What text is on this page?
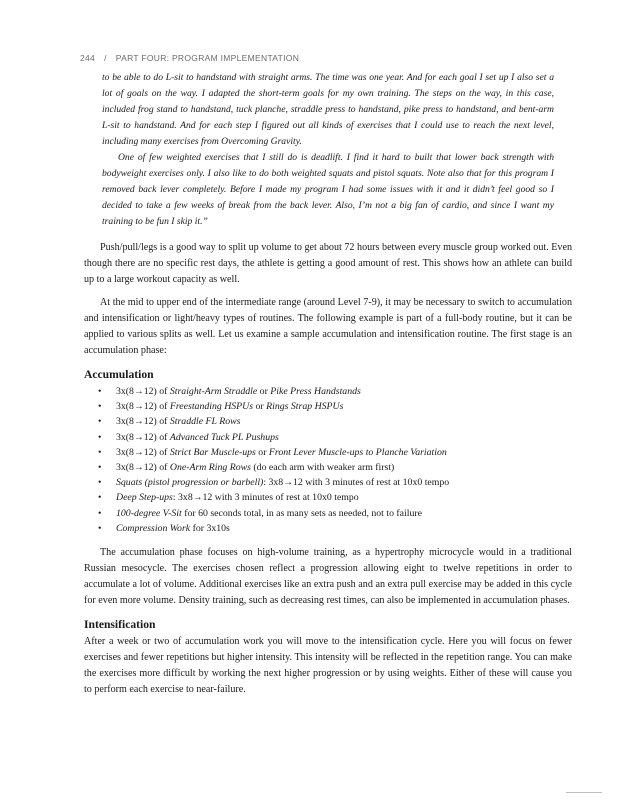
244 / PART FOUR: PROGRAM IMPLEMENTATION

to be able to do L-sit to handstand with straight arms. The time was one year. And for each goal I set up I also set a lot of goals on the way. I adapted the short-term goals for my own training. The steps on the way, in this case, included frog stand to handstand, tuck planche, straddle press to handstand, pike press to handstand, and bent-arm L-sit to handstand. And for each step I figured out all kinds of exercises that I could use to reach the next level, including many exercises from Overcoming Gravity.

One of few weighted exercises that I still do is deadlift. I find it hard to built that lower back strength with bodyweight exercises only. I also like to do both weighted squats and pistol squats. Note also that for this program I removed back lever completely. Before I made my program I had some issues with it and it didn’t feel good so I decided to take a few weeks of break from the back lever. Also, I’m not a big fan of cardio, and since I want my training to be fun I skip it.”

Push/pull/legs is a good way to split up volume to get about 72 hours between every muscle group worked out. Even though there are no specific rest days, the athlete is getting a good amount of rest. This shows how an athlete can build up to a large workout capacity as well.

At the mid to upper end of the intermediate range (around Level 7-9), it may be necessary to switch to accumulation and intensification or light/heavy types of routines. The following example is part of a full-body routine, but it can be applied to various splits as well. Let us examine a sample accumulation and intensification routine. The first stage is an accumulation phase:

Accumulation
• 3x(8→12) of Straight-Arm Straddle or Pike Press Handstands
• 3x(8→12) of Freestanding HSPUs or Rings Strap HSPUs
• 3x(8→12) of Straddle FL Rows
• 3x(8→12) of Advanced Tuck PL Pushups
• 3x(8→12) of Strict Bar Muscle-ups or Front Lever Muscle-ups to Planche Variation
• 3x(8→12) of One-Arm Ring Rows (do each arm with weaker arm first)
• Squats (pistol progression or barbell): 3x8→12 with 3 minutes of rest at 10x0 tempo
• Deep Step-ups: 3x8→12 with 3 minutes of rest at 10x0 tempo
• 100-degree V-Sit for 60 seconds total, in as many sets as needed, not to failure
• Compression Work for 3x10s

The accumulation phase focuses on high-volume training, as a hypertrophy microcycle would in a traditional Russian mesocycle. The exercises chosen reflect a progression allowing eight to twelve repetitions in order to accumulate a lot of volume. Additional exercises like an extra push and an extra pull exercise may be added in this cycle for even more volume. Density training, such as decreasing rest times, can also be implemented in accumulation phases.

Intensification

After a week or two of accumulation work you will move to the intensification cycle. Here you will focus on fewer exercises and fewer repetitions but higher intensity. This intensity will be reflected in the repetition range. You can make the exercises more difficult by working the next higher progression or by using weights. Either of these will cause you to perform each exercise to near-failure.
